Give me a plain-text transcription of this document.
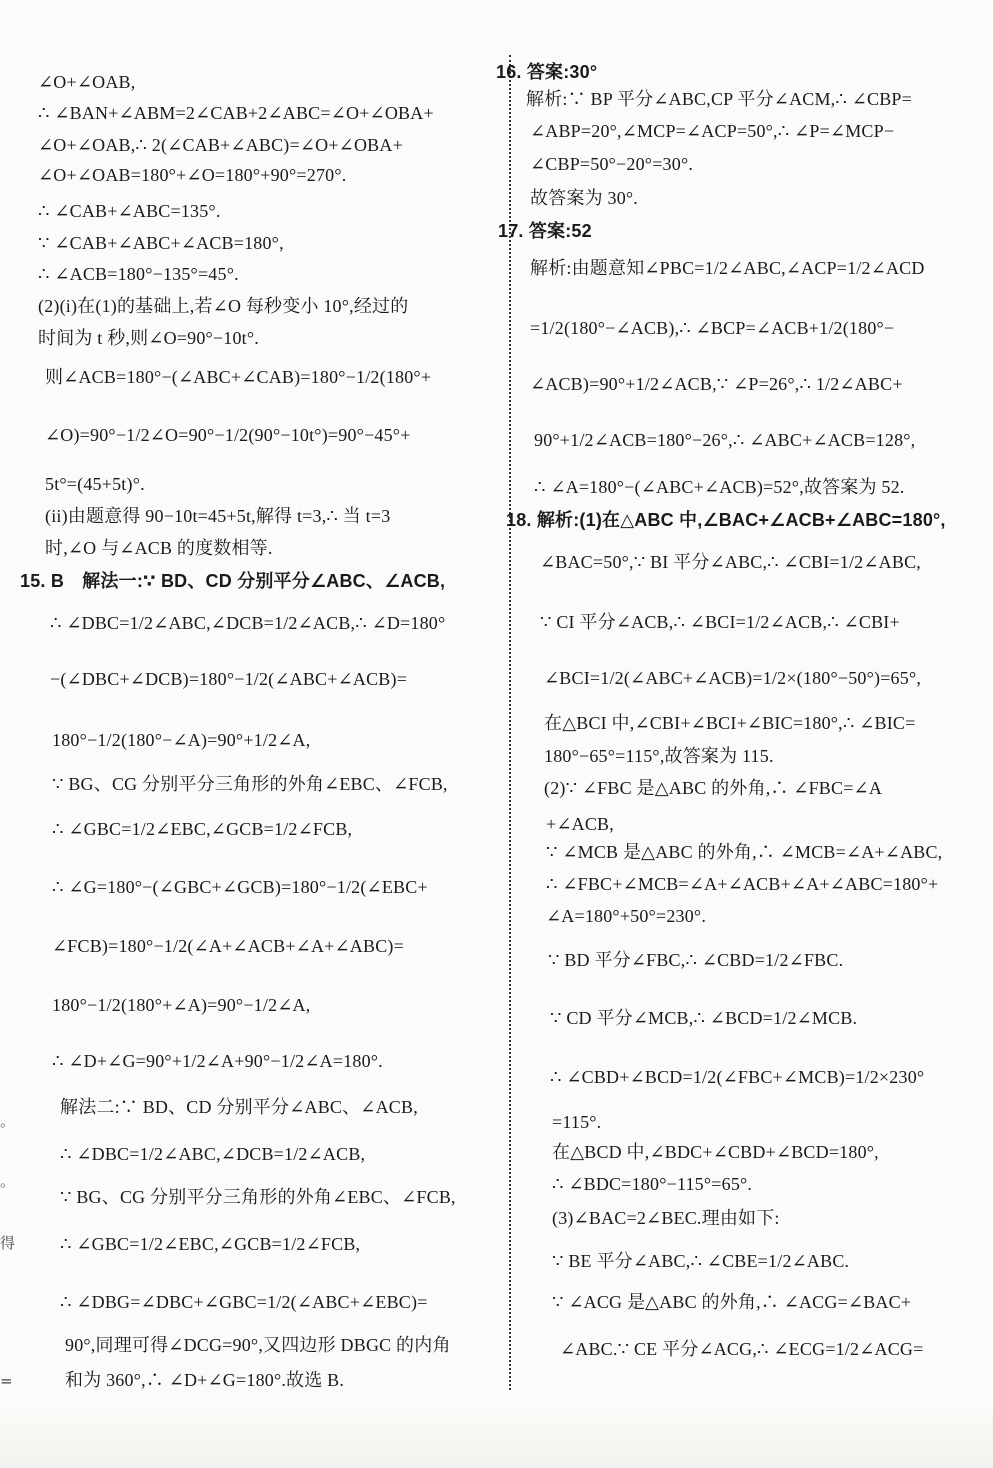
∠O+∠OAB,
∴ ∠BAN+∠ABM=2∠CAB+2∠ABC=∠O+∠OBA+
∠O+∠OAB,∴ 2(∠CAB+∠ABC)=∠O+∠OBA+
∠O+∠OAB=180°+∠O=180°+90°=270°.
∴ ∠CAB+∠ABC=135°.
∵ ∠CAB+∠ABC+∠ACB=180°,
∴ ∠ACB=180°−135°=45°.
(2)(i)在(1)的基础上,若∠O 每秒变小 10°,经过的
时间为 t 秒,则∠O=90°−10t°.
则∠ACB=180°−(∠ABC+∠CAB)=180°−1/2(180°+
∠O)=90°−1/2∠O=90°−1/2(90°−10t°)=90°−45°+
5t°=(45+5t)°.
(ii)由题意得 90−10t=45+5t,解得 t=3,∴ 当 t=3
时,∠O 与∠ACB 的度数相等.
15. B　解法一:∵ BD、CD 分别平分∠ABC、∠ACB,
∴ ∠DBC=1/2∠ABC,∠DCB=1/2∠ACB,∴ ∠D=180°
−(∠DBC+∠DCB)=180°−1/2(∠ABC+∠ACB)=
180°−1/2(180°−∠A)=90°+1/2∠A,
∵ BG、CG 分别平分三角形的外角∠EBC、∠FCB,
∴ ∠GBC=1/2∠EBC,∠GCB=1/2∠FCB,
∴ ∠G=180°−(∠GBC+∠GCB)=180°−1/2(∠EBC+
∠FCB)=180°−1/2(∠A+∠ACB+∠A+∠ABC)=
180°−1/2(180°+∠A)=90°−1/2∠A,
∴ ∠D+∠G=90°+1/2∠A+90°−1/2∠A=180°.
解法二:∵ BD、CD 分别平分∠ABC、∠ACB,
∴ ∠DBC=1/2∠ABC,∠DCB=1/2∠ACB,
∵ BG、CG 分别平分三角形的外角∠EBC、∠FCB,
∴ ∠GBC=1/2∠EBC,∠GCB=1/2∠FCB,
∴ ∠DBG=∠DBC+∠GBC=1/2(∠ABC+∠EBC)=
90°,同理可得∠DCG=90°,又四边形 DBGC 的内角
和为 360°,∴ ∠D+∠G=180°.故选 B.
。
。
得
=
16. 答案:30°
解析:∵ BP 平分∠ABC,CP 平分∠ACM,∴ ∠CBP=
∠ABP=20°,∠MCP=∠ACP=50°,∴ ∠P=∠MCP−
∠CBP=50°−20°=30°.
故答案为 30°.
17. 答案:52
解析:由题意知∠PBC=1/2∠ABC,∠ACP=1/2∠ACD
=1/2(180°−∠ACB),∴ ∠BCP=∠ACB+1/2(180°−
∠ACB)=90°+1/2∠ACB,∵ ∠P=26°,∴ 1/2∠ABC+
90°+1/2∠ACB=180°−26°,∴ ∠ABC+∠ACB=128°,
∴ ∠A=180°−(∠ABC+∠ACB)=52°,故答案为 52.
18. 解析:(1)在△ABC 中,∠BAC+∠ACB+∠ABC=180°,
∠BAC=50°,∵ BI 平分∠ABC,∴ ∠CBI=1/2∠ABC,
∵ CI 平分∠ACB,∴ ∠BCI=1/2∠ACB,∴ ∠CBI+
∠BCI=1/2(∠ABC+∠ACB)=1/2×(180°−50°)=65°,
在△BCI 中,∠CBI+∠BCI+∠BIC=180°,∴ ∠BIC=
180°−65°=115°,故答案为 115.
(2)∵ ∠FBC 是△ABC 的外角,∴ ∠FBC=∠A
+∠ACB,
∵ ∠MCB 是△ABC 的外角,∴ ∠MCB=∠A+∠ABC,
∴ ∠FBC+∠MCB=∠A+∠ACB+∠A+∠ABC=180°+
∠A=180°+50°=230°.
∵ BD 平分∠FBC,∴ ∠CBD=1/2∠FBC.
∵ CD 平分∠MCB,∴ ∠BCD=1/2∠MCB.
∴ ∠CBD+∠BCD=1/2(∠FBC+∠MCB)=1/2×230°
=115°.
在△BCD 中,∠BDC+∠CBD+∠BCD=180°,
∴ ∠BDC=180°−115°=65°.
(3)∠BAC=2∠BEC.理由如下:
∵ BE 平分∠ABC,∴ ∠CBE=1/2∠ABC.
∵ ∠ACG 是△ABC 的外角,∴ ∠ACG=∠BAC+
∠ABC.∵ CE 平分∠ACG,∴ ∠ECG=1/2∠ACG=
